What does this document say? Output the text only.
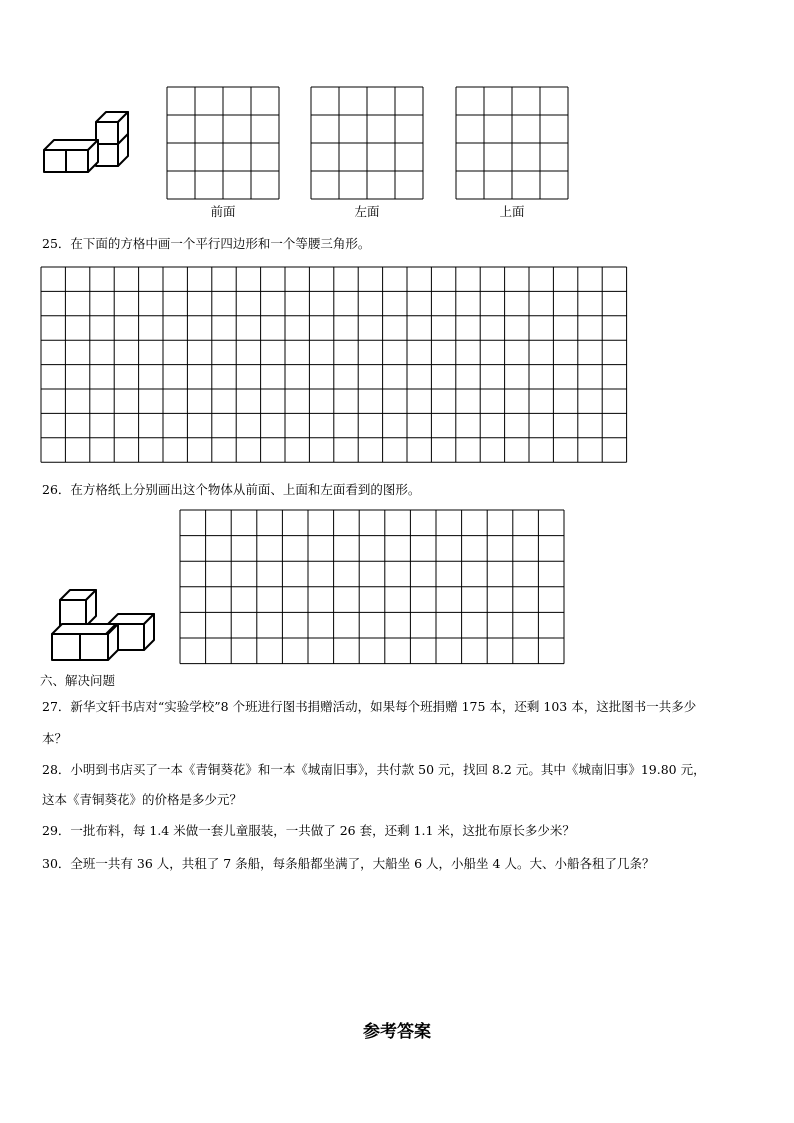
前面	左面	上面
25．在下面的方格中画一个平行四边形和一个等腰三角形。
26．在方格纸上分别画出这个物体从前面、上面和左面看到的图形。
六、解决问题
27．新华文轩书店对“实验学校”8 个班进行图书捐赠活动，如果每个班捐赠 175 本，还剩 103 本，这批图书一共多少
本？
28．小明到书店买了一本《青铜葵花》和一本《城南旧事》，共付款 50 元，找回 8.2 元。其中《城南旧事》19.80 元，
这本《青铜葵花》的价格是多少元？
29．一批布料，每 1.4 米做一套儿童服装，一共做了 26 套，还剩 1.1 米，这批布原长多少米？
30．全班一共有 36 人，共租了 7 条船，每条船都坐满了，大船坐 6 人，小船坐 4 人。大、小船各租了几条？
参考答案
